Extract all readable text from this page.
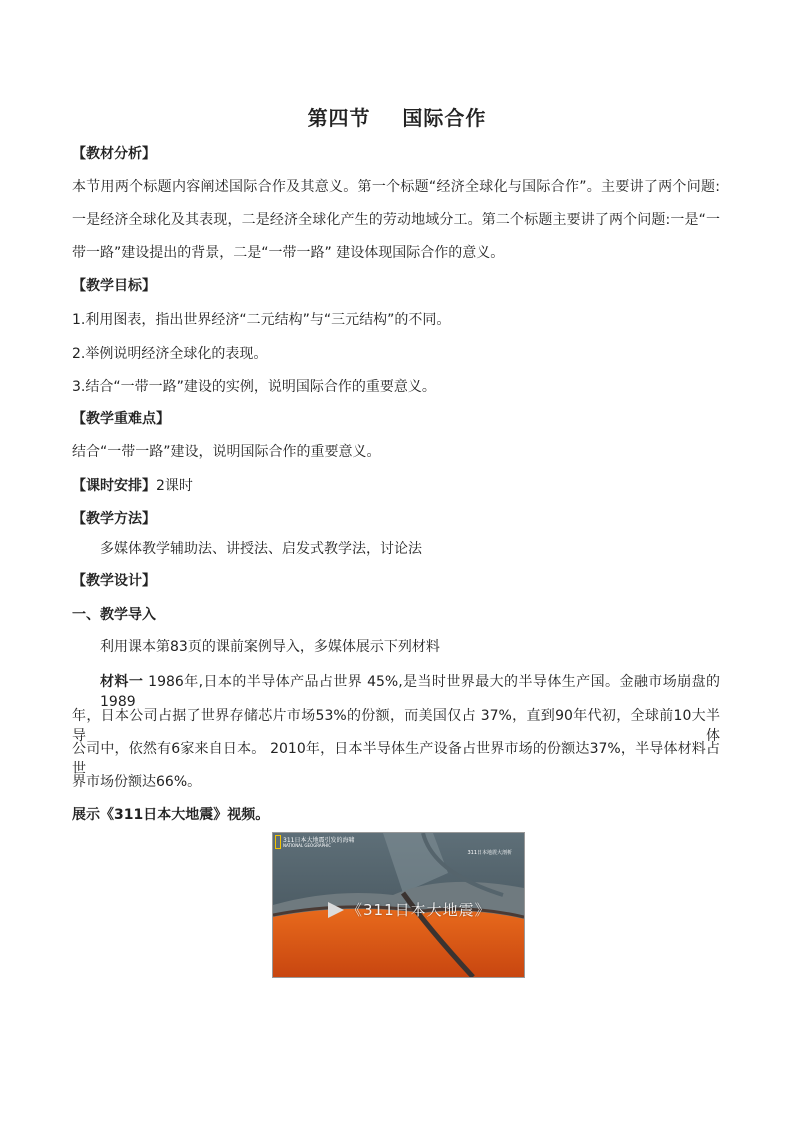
第四节    国际合作
【教材分析】
本节用两个标题内容阐述国际合作及其意义。第一个标题“经济全球化与国际合作”。主要讲了两个问题:
一是经济全球化及其表现，二是经济全球化产生的劳动地域分工。第二个标题主要讲了两个问题:一是“一
带一路”建设提出的背景，二是“一带一路” 建设体现国际合作的意义。
【教学目标】
1.利用图表，指出世界经济“二元结构”与“三元结构”的不同。
2.举例说明经济全球化的表现。
3.结合“一带一路”建设的实例，说明国际合作的重要意义。
【教学重难点】
结合“一带一路”建设，说明国际合作的重要意义。
【课时安排】2课时
【教学方法】
多媒体教学辅助法、讲授法、启发式教学法，讨论法
【教学设计】
一、教学导入
利用课本第83页的课前案例导入，多媒体展示下列材料
材料一 1986年,日本的半导体产品占世界 45%,是当时世界最大的半导体生产国。金融市场崩盘的1989
年，日本公司占据了世界存储芯片市场53%的份额，而美国仅占 37%，直到90年代初，全球前10大半导体
公司中，依然有6家来自日本。 2010年，日本半导体生产设备占世界市场的份额达37%，半导体材料占世
界市场份额达66%。
展示《311日本大地震》视频。
NATIONAL GEOGRAPHIC
311日本大地震引发的海啸
311日本地震大剖析
《311日本大地震》
